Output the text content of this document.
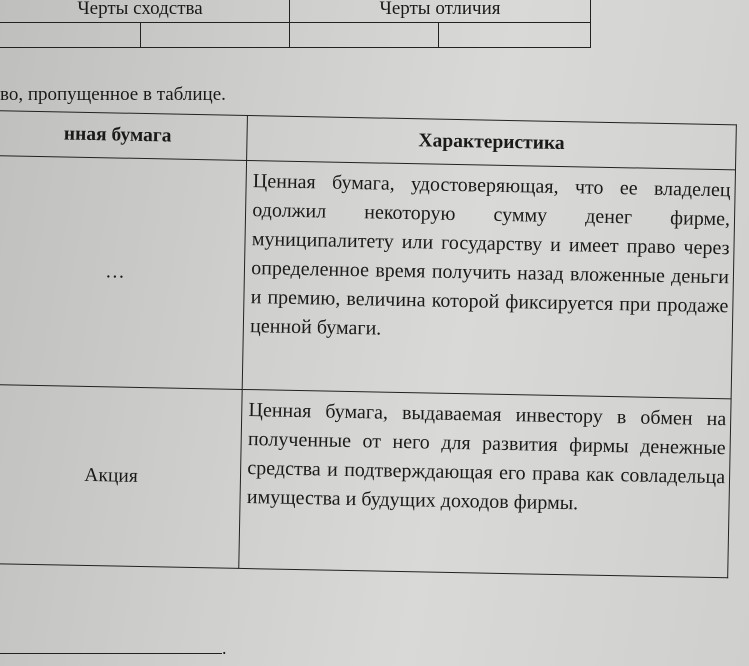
Черты сходства		Черты отличия	

во, пропущенное в таблице.
нная бумага	Характеристика
…	Ценная бумага, удостоверяющая, что ее владелец одолжил некоторую сумму денег фирме, муниципалитету или государству и имеет право через определенное время получить назад вложенные деньги и премию, величина которой фиксируется при продаже ценной бумаги.
Акция	Ценная бумага, выдаваемая инвестору в обмен на полученные от него для развития фирмы денежные средства и подтверждающая его права как совладельца имущества и будущих доходов фирмы.
.
